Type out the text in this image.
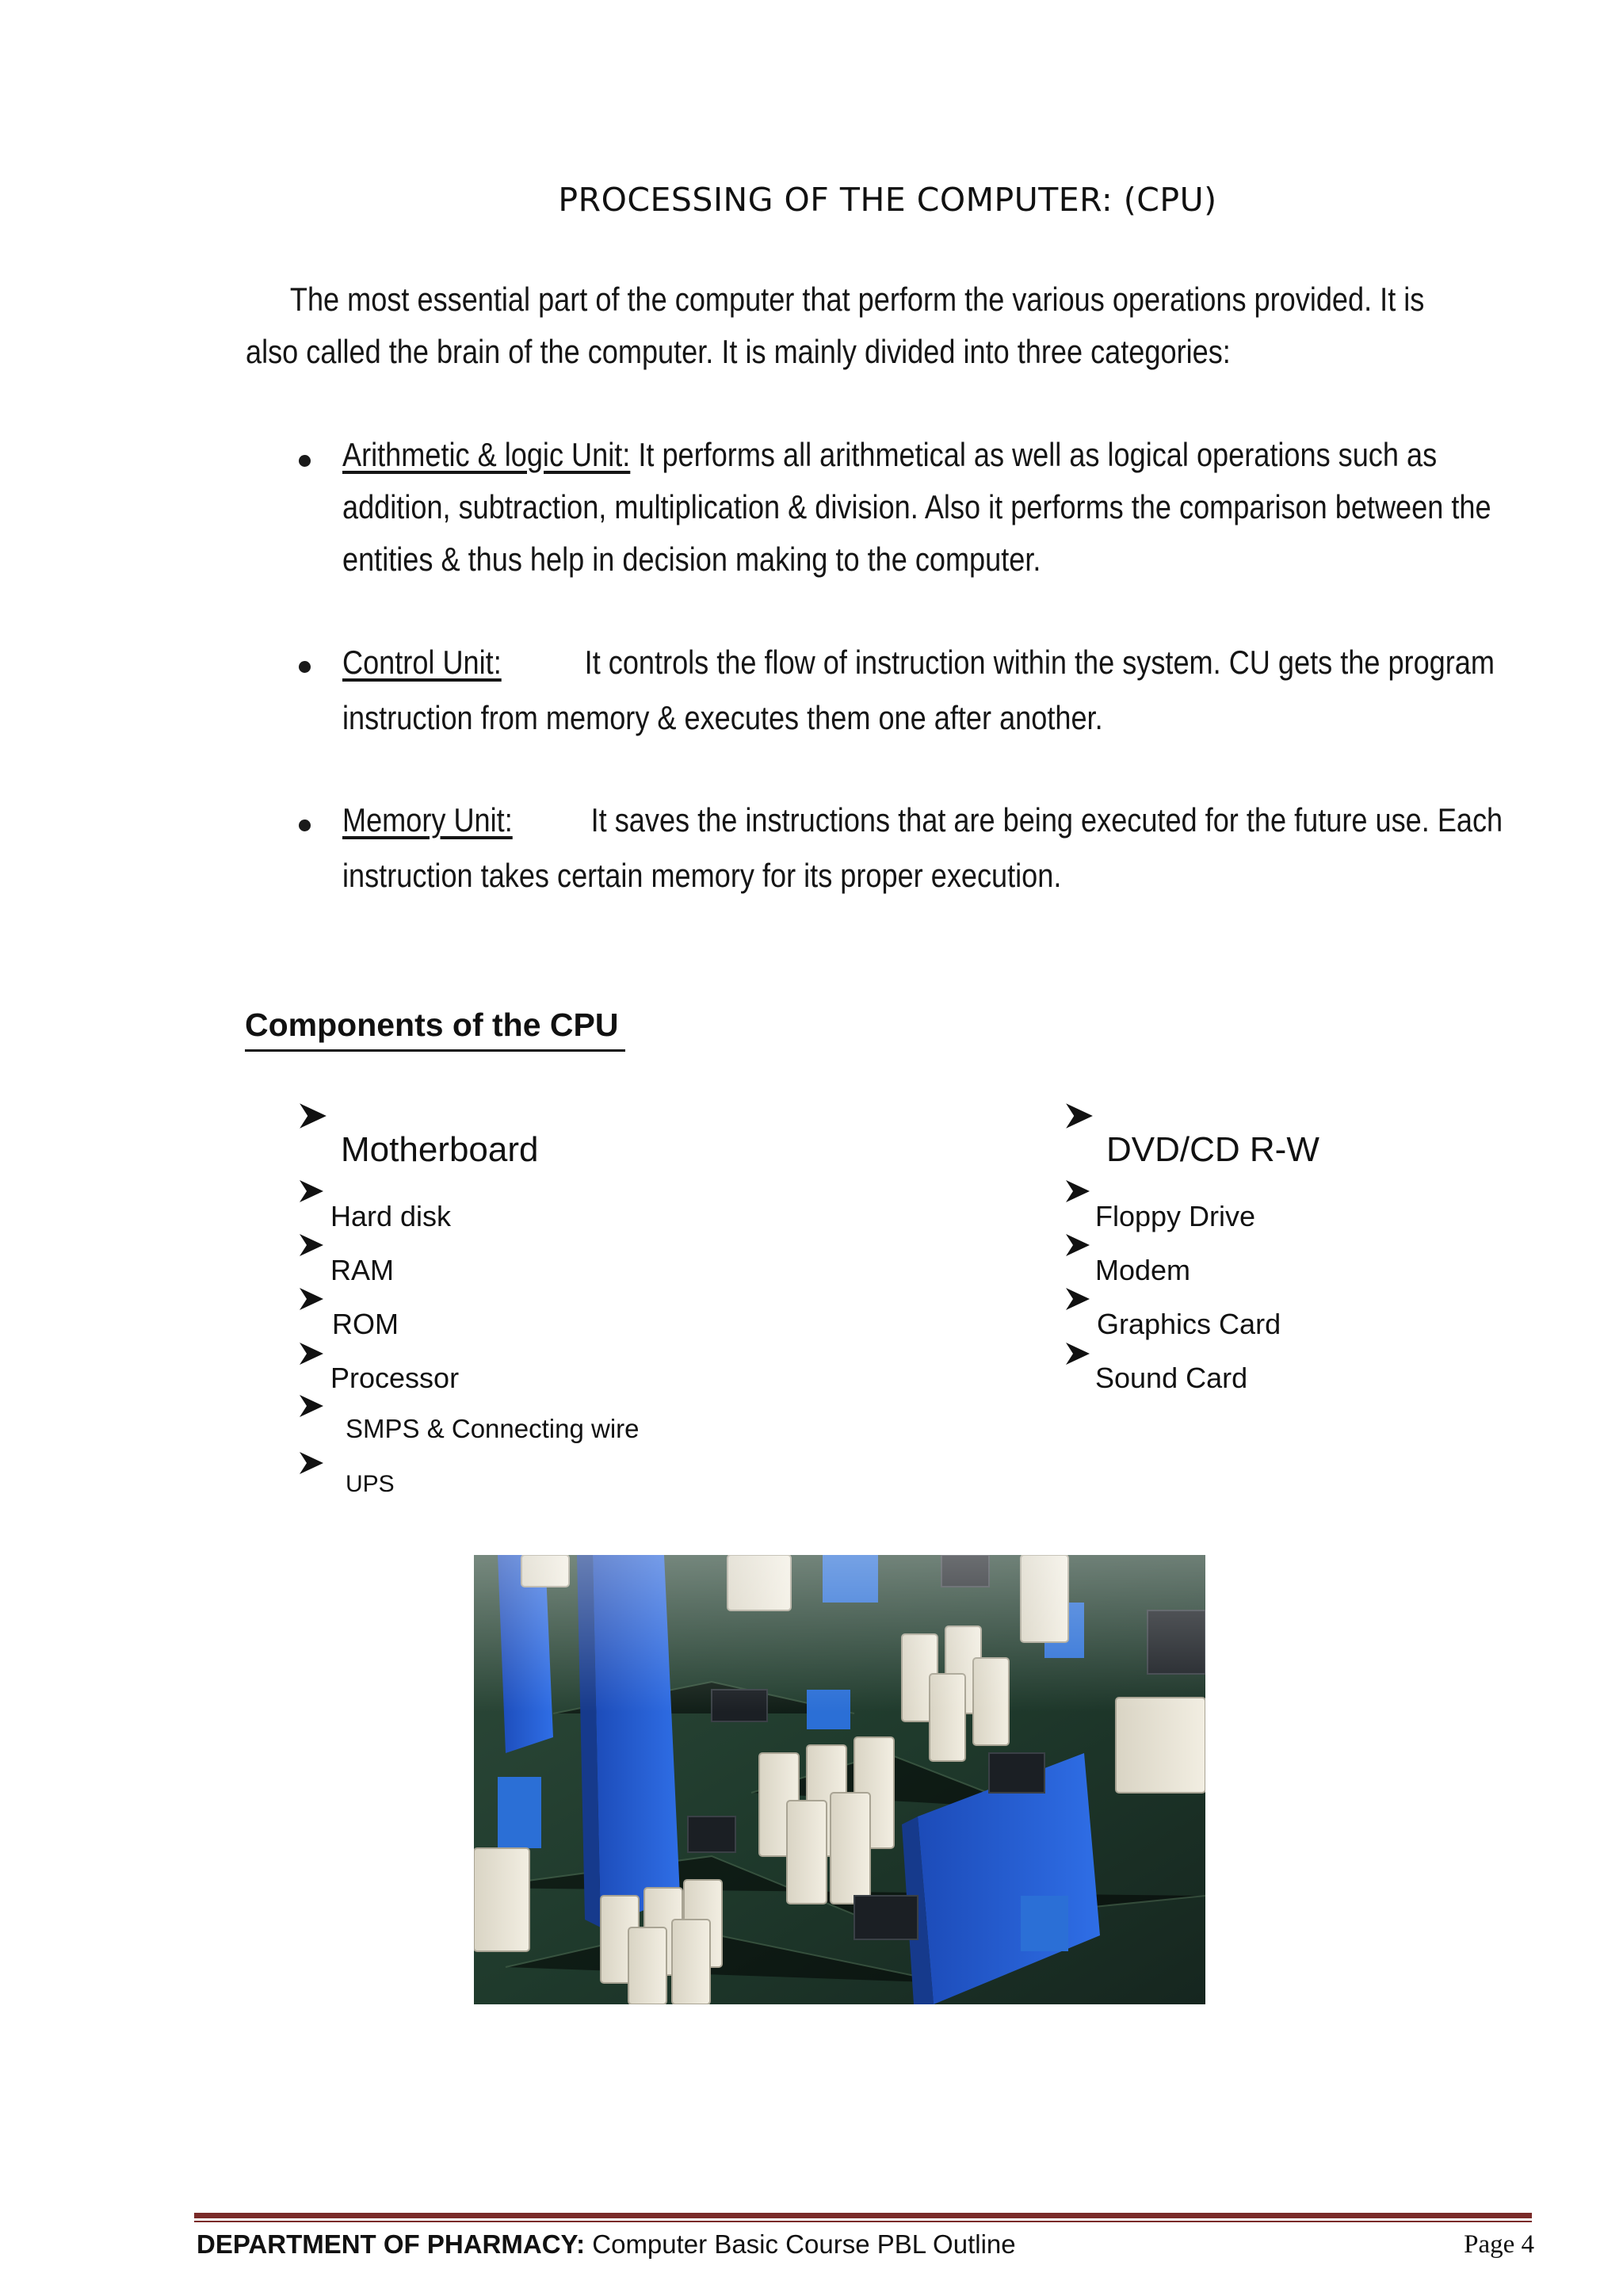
PROCESSING OF THE COMPUTER: (CPU)
The most essential part of the computer that perform the various operations provided. It is
also called the brain of the computer. It is mainly divided into three categories:
Arithmetic & logic Unit: It performs all arithmetical as well as logical operations such as
addition, subtraction, multiplication & division. Also it performs the comparison between the
entities & thus help in decision making to the computer.
Control Unit: It controls the flow of instruction within the system. CU gets the program
instruction from memory & executes them one after another.
Memory Unit: It saves the instructions that are being executed for the future use. Each
instruction takes certain memory for its proper execution.
Components of the CPU
Motherboard
Hard disk
RAM
ROM
Processor
SMPS & Connecting wire
UPS
DVD/CD R-W
Floppy Drive
Modem
Graphics Card
Sound Card
DEPARTMENT OF PHARMACY: Computer Basic Course PBL Outline	Page 4
